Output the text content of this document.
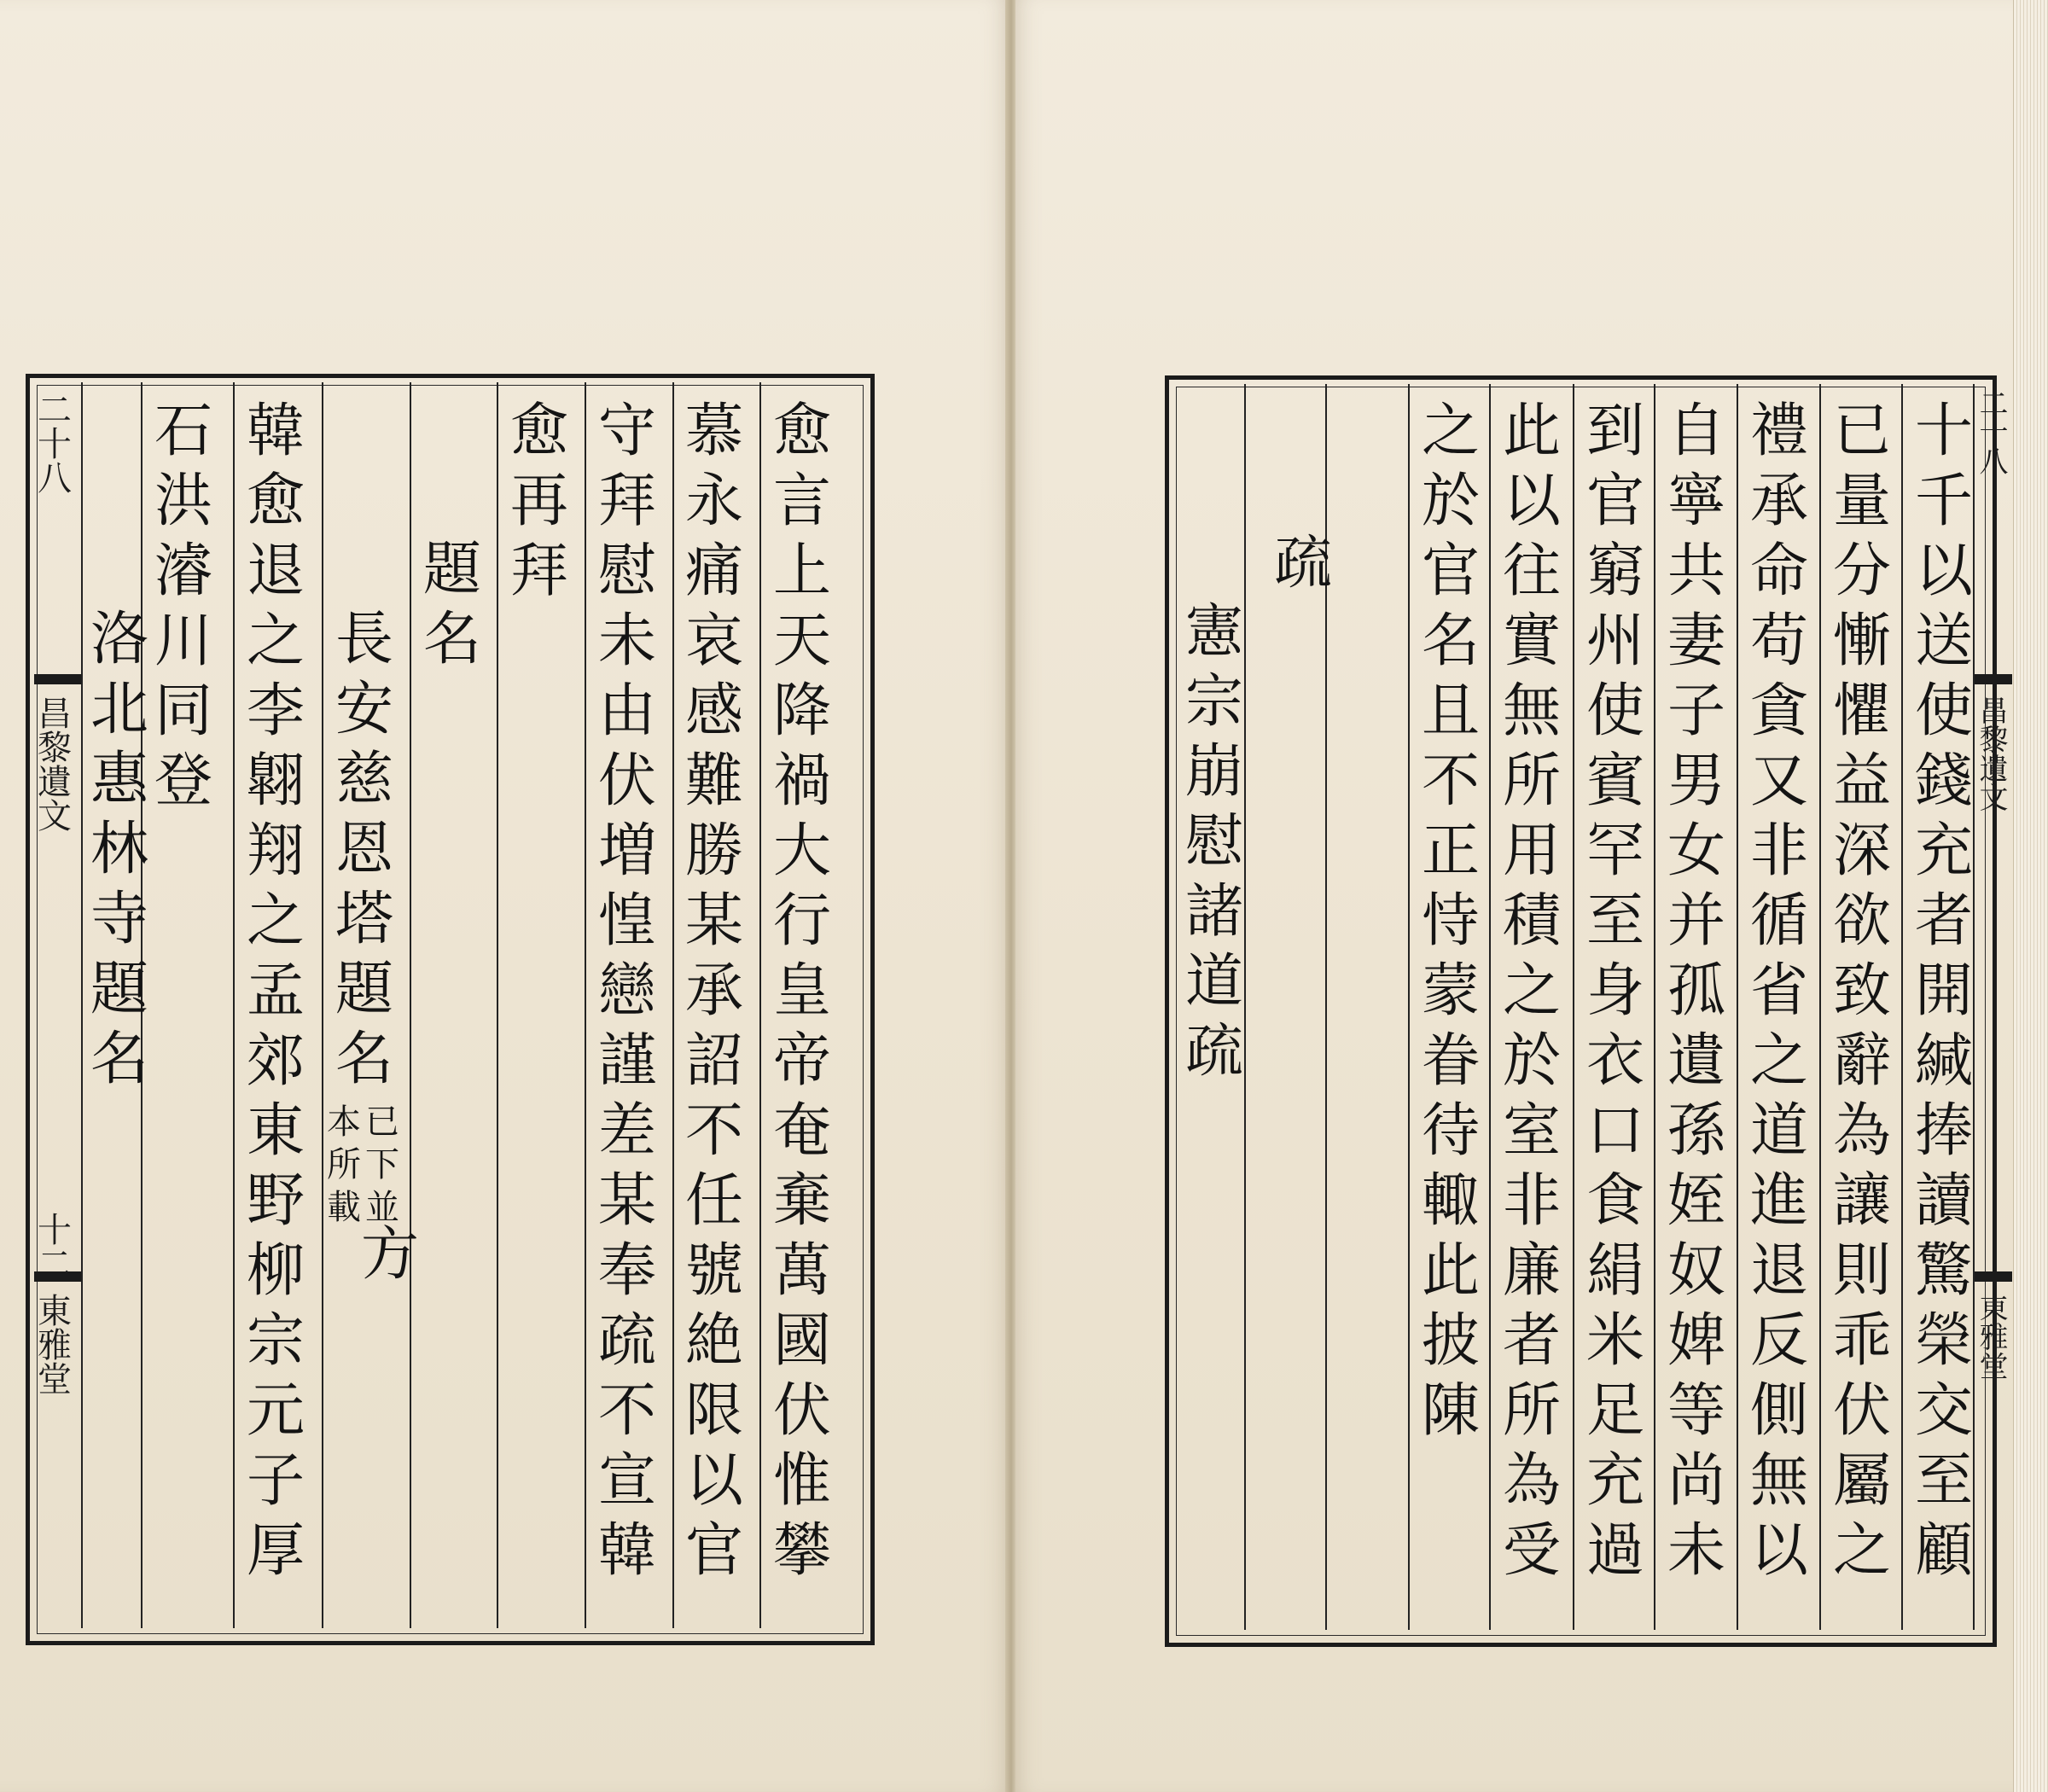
二十八
昌黎遺文
十二
東雅堂
愈
言
上
天
降
禍
大
行
皇
帝
奄
棄
萬
國
伏
惟
攀
慕
永
痛
哀
感
難
勝
某
承
詔
不
任
號
絶
限
以
官
守
拜
慰
未
由
伏
増
惶
戀
謹
差
某
奉
疏
不
宣
韓
愈
再
拜
題
名
長
安
慈
恩
塔
題
名
韓
愈
退
之
李
翺
翔
之
孟
郊
東
野
柳
宗
元
子
厚
石
洪
濬
川
同
登
洛
北
惠
林
寺
題
名
已
下
並
本
所
載
方
十
千
以
送
使
錢
充
者
開
緘
捧
讀
驚
榮
交
至
顧
已
量
分
慚
懼
益
深
欲
致
辭
為
讓
則
乖
伏
屬
之
禮
承
命
苟
貪
又
非
循
省
之
道
進
退
反
側
無
以
自
寧
共
妻
子
男
女
并
孤
遺
孫
姪
奴
婢
等
尚
未
到
官
窮
州
使
賓
罕
至
身
衣
口
食
絹
米
足
充
過
此
以
往
實
無
所
用
積
之
於
室
非
廉
者
所
為
受
之
於
官
名
且
不
正
恃
蒙
眷
待
輙
此
披
陳
疏
憲
宗
崩
慰
諸
道
疏
二十八
昌黎遺文
東雅堂
